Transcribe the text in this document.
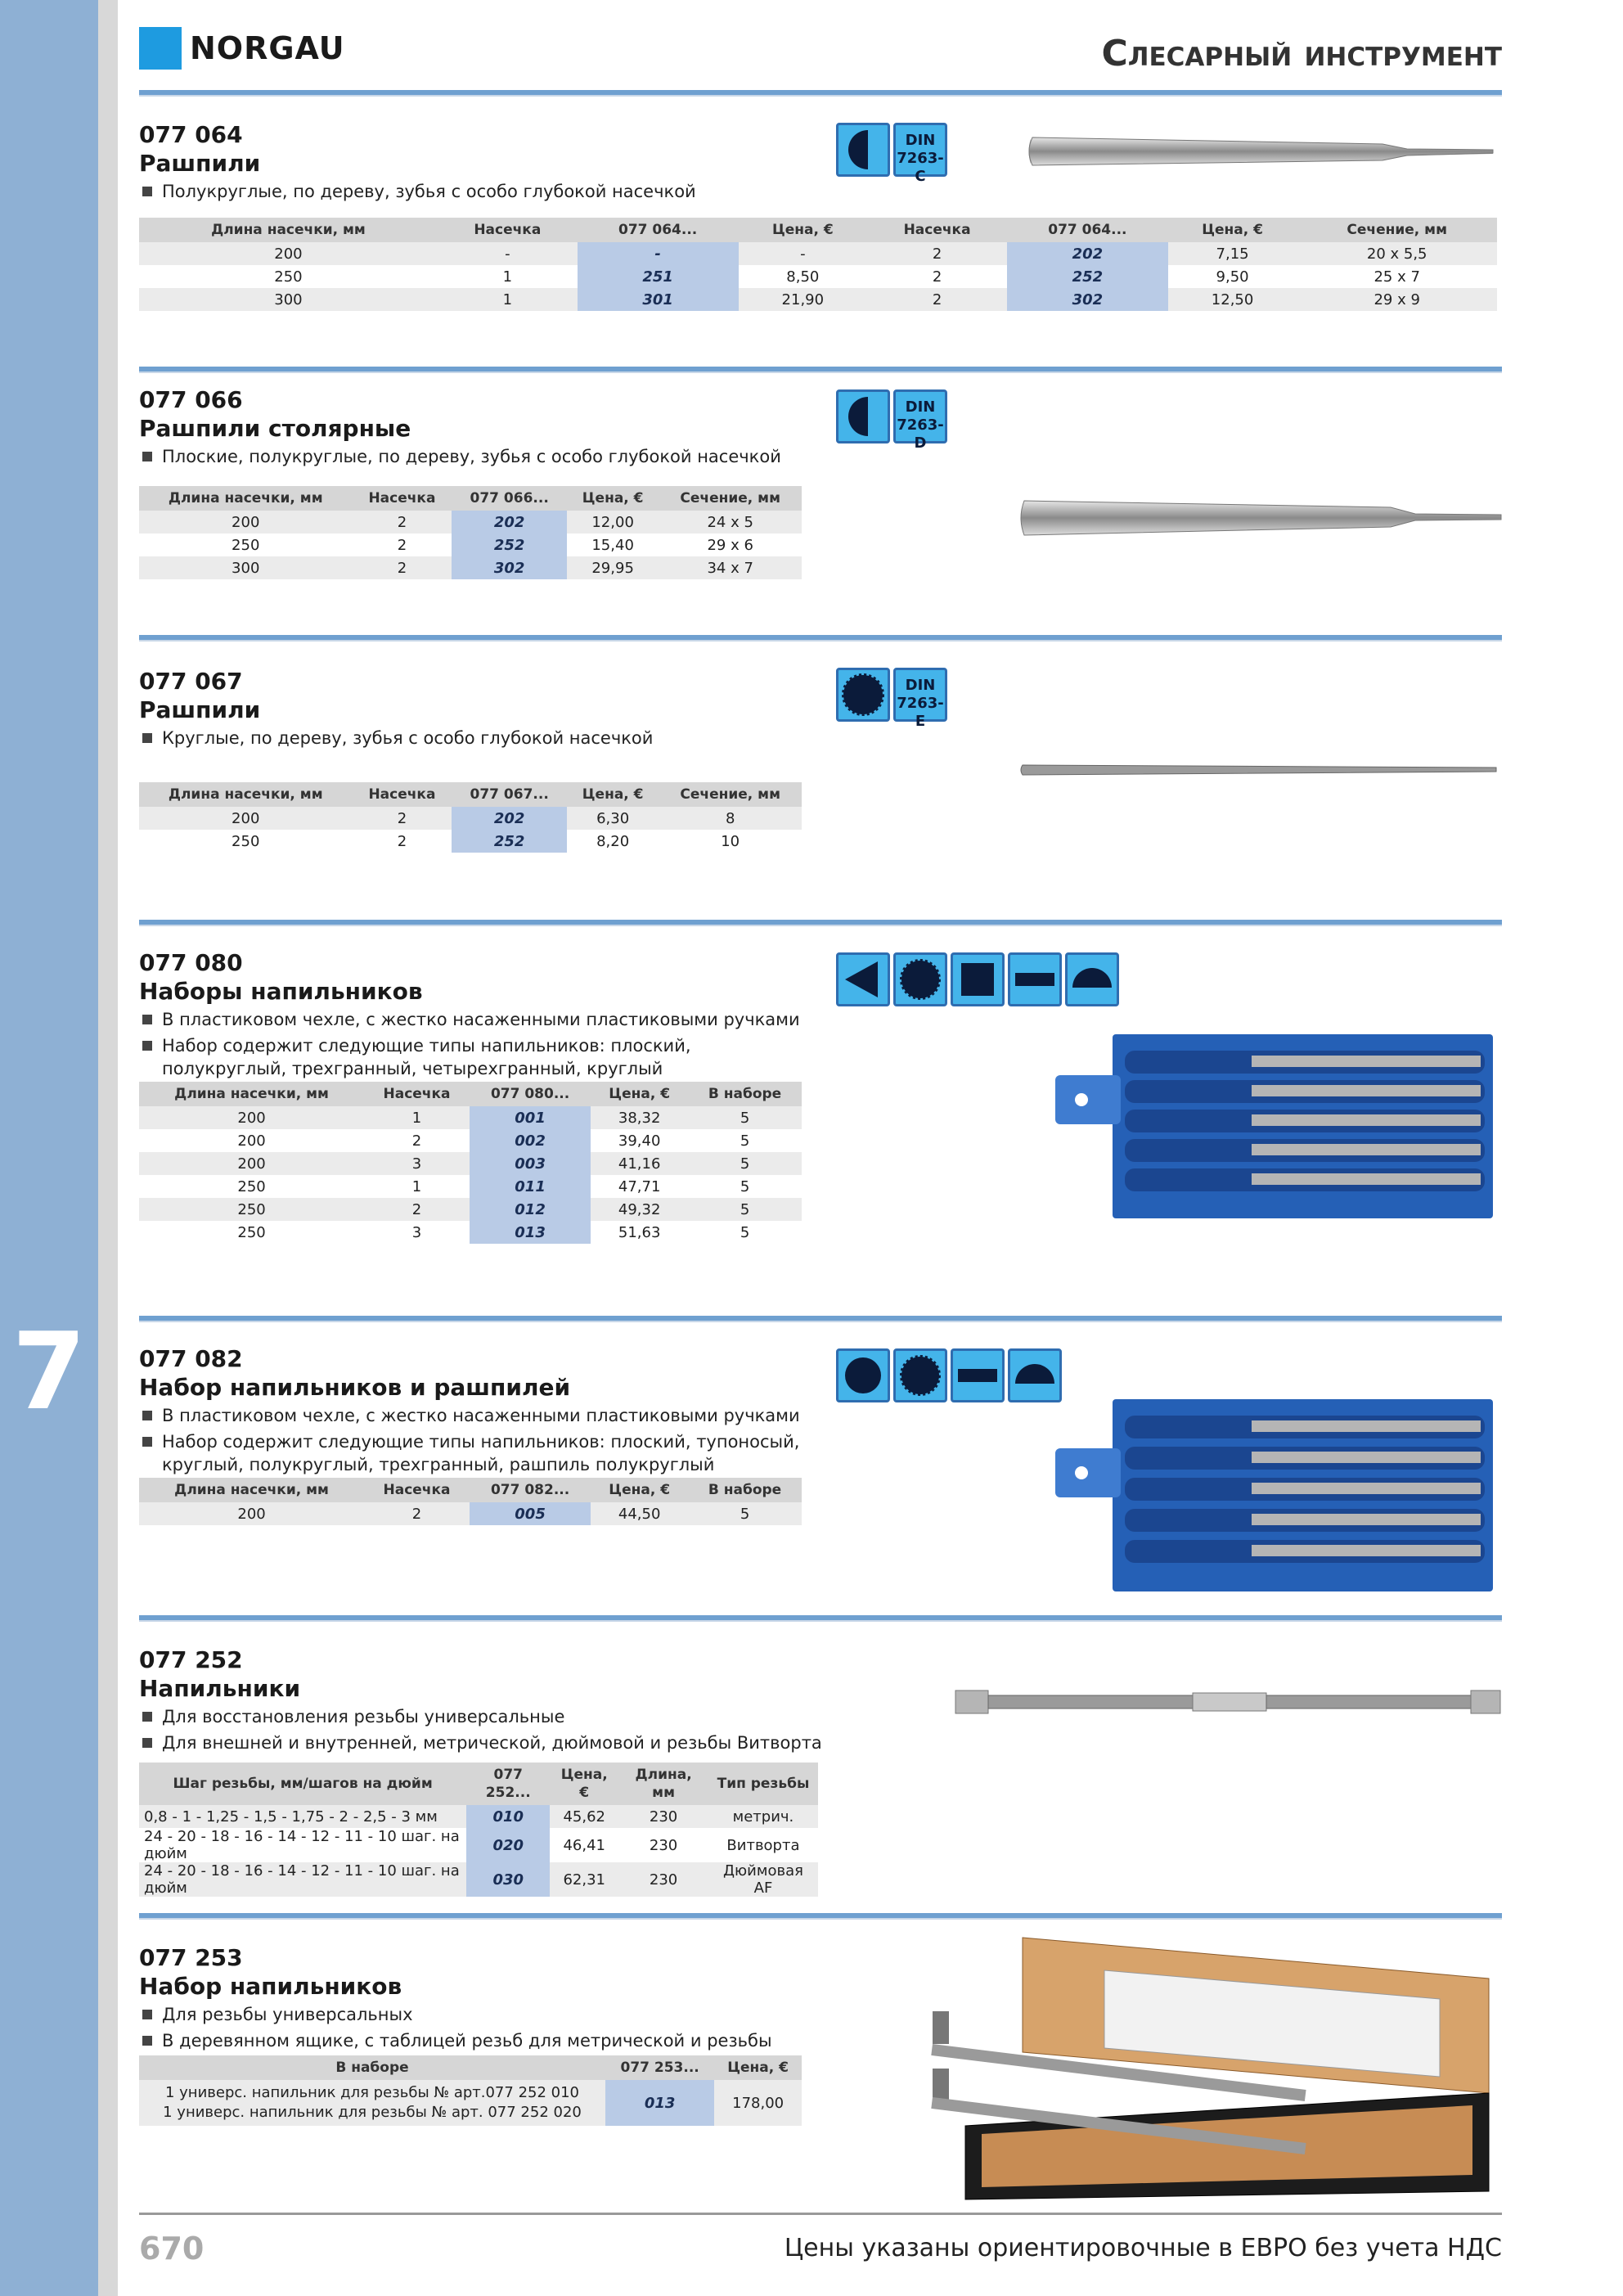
7
NORGAU	Слесарный инструмент
077 064
Рашпили
Полукруглые, по дереву, зубья с особо глубокой насечкой
DIN
7263-C
Длина насечки, мм	Насечка	077 064...	Цена, €	Насечка	077 064...	Цена, €	Сечение, мм
200	-	-	-	2	202	7,15	20 x 5,5
250	1	251	8,50	2	252	9,50	25 x 7
300	1	301	21,90	2	302	12,50	29 x 9
077 066
Рашпили столярные
Плоские, полукруглые, по дереву, зубья с особо глубокой насечкой
DIN
7263-D
Длина насечки, мм	Насечка	077 066...	Цена, €	Сечение, мм
200	2	202	12,00	24 x 5
250	2	252	15,40	29 x 6
300	2	302	29,95	34 x 7
077 067
Рашпили
Круглые, по дереву, зубья с особо глубокой насечкой
DIN
7263-E
Длина насечки, мм	Насечка	077 067...	Цена, €	Сечение, мм
200	2	202	6,30	8
250	2	252	8,20	10
077 080
Наборы напильников
В пластиковом чехле, с жестко насаженными пластиковыми ручками
Набор содержит следующие типы напильников: плоский, полукруглый, трехгранный, четырехгранный, круглый
Длина насечки, мм	Насечка	077 080...	Цена, €	В наборе
200	1	001	38,32	5
200	2	002	39,40	5
200	3	003	41,16	5
250	1	011	47,71	5
250	2	012	49,32	5
250	3	013	51,63	5
077 082
Набор напильников и рашпилей
В пластиковом чехле, с жестко насаженными пластиковыми ручками
Набор содержит следующие типы напильников: плоский, тупоносый, круглый, полукруглый, трехгранный, рашпиль полукруглый
Длина насечки, мм	Насечка	077 082...	Цена, €	В наборе
200	2	005	44,50	5
077 252
Напильники
Для восстановления резьбы универсальные
Для внешней и внутренней, метрической, дюймовой и резьбы Витворта
Шаг резьбы, мм/шагов на дюйм	077 252...	Цена, €	Длина, мм	Тип резьбы
0,8 - 1 - 1,25 - 1,5 - 1,75 - 2 - 2,5 - 3 мм	010	45,62	230	метрич.
24 - 20 - 18 - 16 - 14 - 12 - 11 - 10 шаг. на дюйм	020	46,41	230	Витворта
24 - 20 - 18 - 16 - 14 - 12 - 11 - 10 шаг. на дюйм	030	62,31	230	Дюймовая AF
077 253
Набор напильников
Для резьбы универсальных
В деревянном ящике, с таблицей резьб для метрической и резьбы
В наборе	077 253...	Цена, €

1 универс. напильник для резьбы № арт.077 252 010
1 универс. напильник для резьбы № арт. 077 252 020	013	178,00
670	Цены указаны ориентировочные в ЕВРО без учета НДС
